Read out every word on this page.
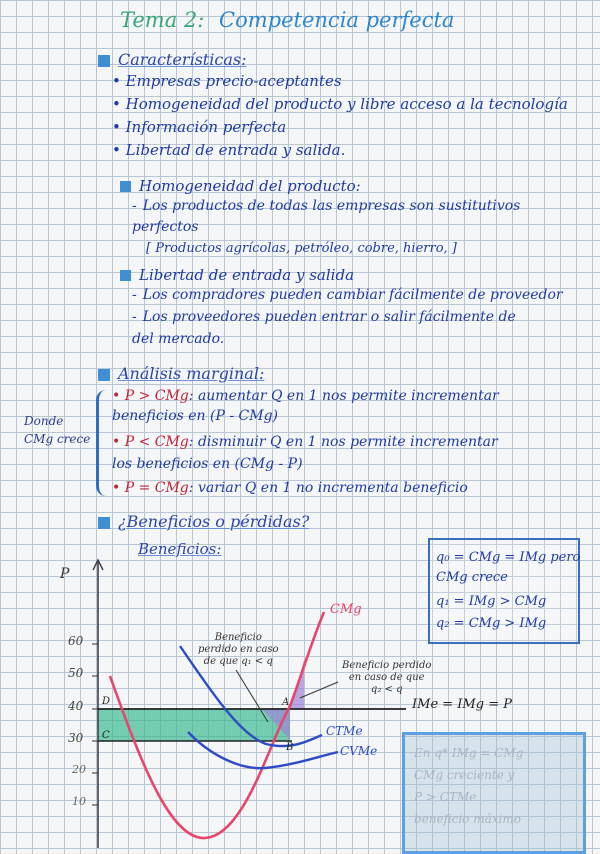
Tema 2: Competencia perfecta
Características:
• Empresas precio-aceptantes
• Homogeneidad del producto y libre acceso a la tecnología
• Información perfecta
• Libertad de entrada y salida.
Homogeneidad del producto:
- Los productos de todas las empresas son sustitutivos
perfectos
[ Productos agrícolas, petróleo, cobre, hierro, ]
Libertad de entrada y salida
- Los compradores pueden cambiar fácilmente de proveedor
- Los proveedores pueden entrar o salir fácilmente de
del mercado.
Análisis marginal:
Donde
CMg crece
• P > CMg: aumentar Q en 1 nos permite incrementar
beneficios en (P - CMg)
• P < CMg: disminuir Q en 1 nos permite incrementar
los beneficios en (CMg - P)
• P = CMg: variar Q en 1 no incrementa beneficio
¿Beneficios o pérdidas?
Beneficios:
P
60
50
40
30
20
10
D
C
B
A
CMg
CTMe
CVMe
IMe = IMg = P
Beneficio
perdido en caso
de que q₁ < q	Beneficio perdido
en caso de que
q₂ < q
q₀ = CMg = IMg pero
CMg crece
q₁ = IMg > CMg
q₂ = CMg > IMg
En q* IMg = CMg
CMg creciente y
P > CTMe
beneficio máximo
